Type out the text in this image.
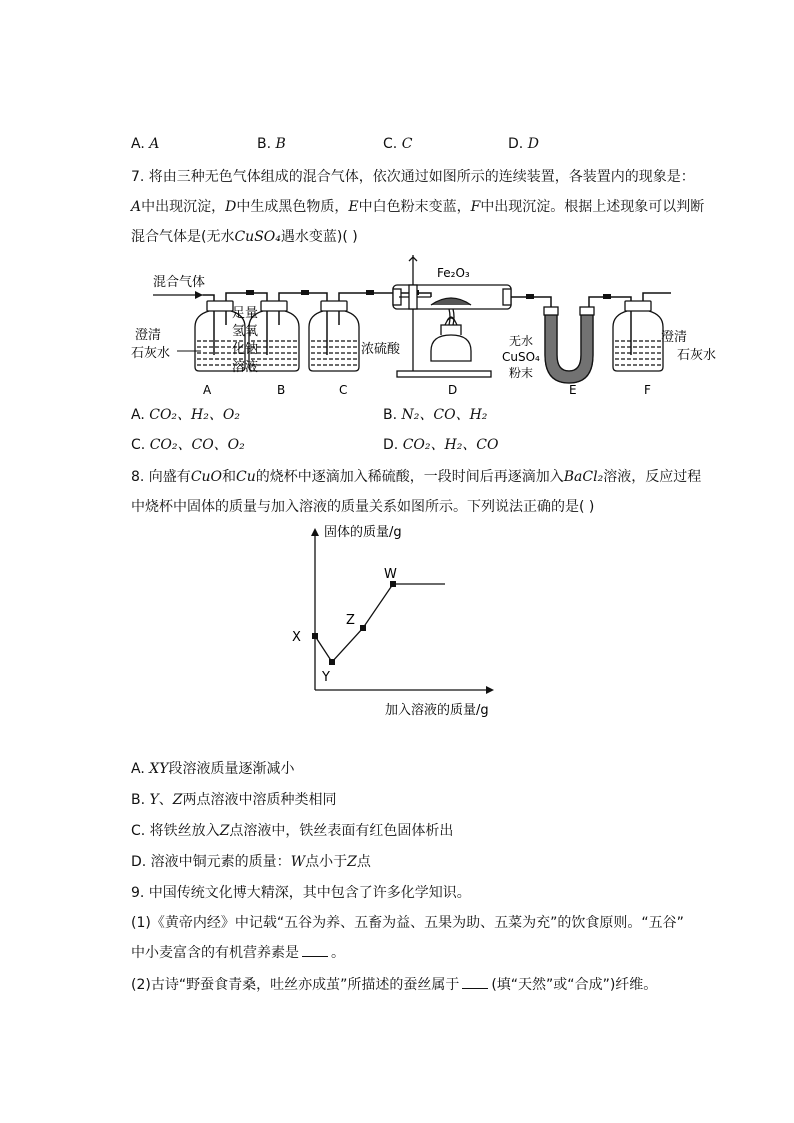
A. A	B. B	C. C	D. D
7. 将由三种无色气体组成的混合气体，依次通过如图所示的连续装置，各装置内的现象是：
A中出现沉淀，D中生成黑色物质，E中白色粉末变蓝，F中出现沉淀。根据上述现象可以判断
混合气体是(无水CuSO₄遇水变蓝)( )
混合气体
Fe₂O₃
澄清
石灰水
足量
氢氧
化钠
溶液
浓硫酸
无水
CuSO₄
粉末
澄清
石灰水
A	B	C	D	E	F
A. CO₂、H₂、O₂	B. N₂、CO、H₂
C. CO₂、CO、O₂	D. CO₂、H₂、CO
8. 向盛有CuO和Cu的烧杯中逐滴加入稀硫酸，一段时间后再逐滴加入BaCl₂溶液，反应过程
中烧杯中固体的质量与加入溶液的质量关系如图所示。下列说法正确的是( )
固体的质量/g
加入溶液的质量/g
X
Y
Z
W
A. XY段溶液质量逐渐减小
B. Y、Z两点溶液中溶质种类相同
C. 将铁丝放入Z点溶液中，铁丝表面有红色固体析出
D. 溶液中铜元素的质量：W点小于Z点
9. 中国传统文化博大精深，其中包含了许多化学知识。
(1)《黄帝内经》中记载“五谷为养、五畜为益、五果为助、五菜为充”的饮食原则。“五谷”
中小麦富含的有机营养素是 。
(2)古诗“野蚕食青桑，吐丝亦成茧”所描述的蚕丝属于 (填“天然”或“合成”)纤维。
